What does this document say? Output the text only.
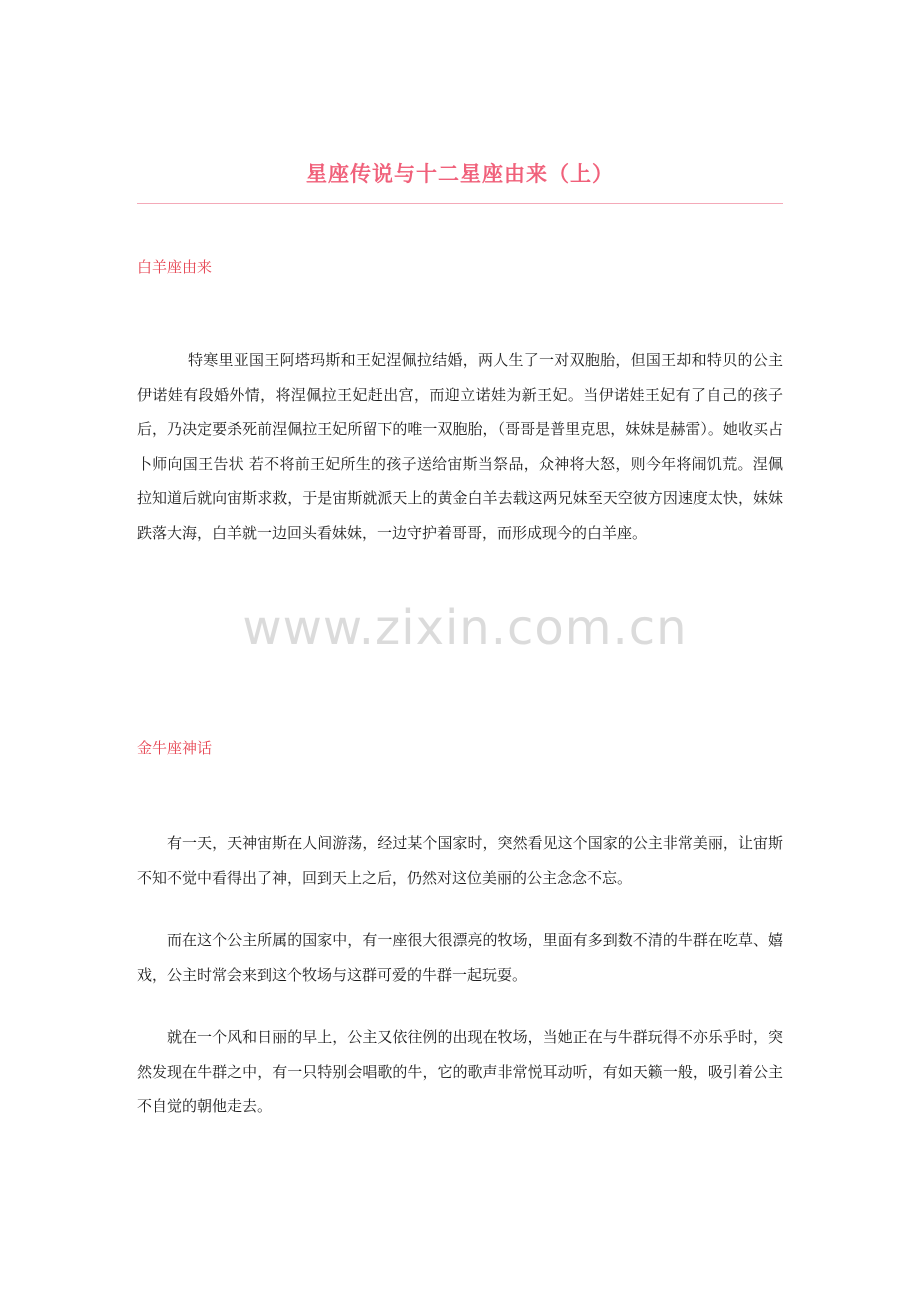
星座传说与十二星座由来（上）
白羊座由来

特寒里亚国王阿塔玛斯和王妃涅佩拉结婚，两人生了一对双胞胎，但国王却和特贝的公主伊诺娃有段婚外情，将涅佩拉王妃赶出宫，而迎立诺娃为新王妃。当伊诺娃王妃有了自己的孩子后，乃决定要杀死前涅佩拉王妃所留下的唯一双胞胎，（哥哥是普里克思，妹妹是赫雷）。她收买占卜师向国王告状 若不将前王妃所生的孩子送给宙斯当祭品，众神将大怒，则今年将闹饥荒。涅佩拉知道后就向宙斯求救，于是宙斯就派天上的黄金白羊去载这两兄妹至天空彼方因速度太快，妹妹跌落大海，白羊就一边回头看妹妹，一边守护着哥哥，而形成现今的白羊座。

金牛座神话

有一天，天神宙斯在人间游荡，经过某个国家时，突然看见这个国家的公主非常美丽，让宙斯不知不觉中看得出了神，回到天上之后，仍然对这位美丽的公主念念不忘。

而在这个公主所属的国家中，有一座很大很漂亮的牧场，里面有多到数不清的牛群在吃草、嬉戏，公主时常会来到这个牧场与这群可爱的牛群一起玩耍。

就在一个风和日丽的早上，公主又依往例的出现在牧场，当她正在与牛群玩得不亦乐乎时，突然发现在牛群之中，有一只特别会唱歌的牛，它的歌声非常悦耳动听，有如天籁一般，吸引着公主不自觉的朝他走去。

www.zixin.com.cn
